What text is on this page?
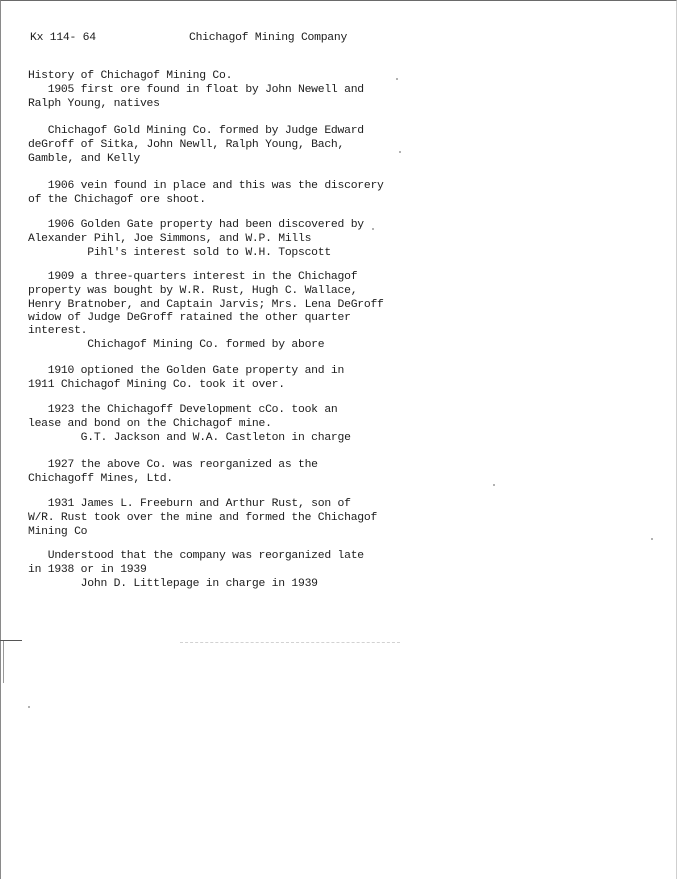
Kx 114- 64	Chichagof Mining Company
History of Chichagof Mining Co.
1905 first ore found in float by John Newell and
Ralph Young, natives
Chichagof Gold Mining Co. formed by Judge Edward
deGroff of Sitka, John Newll, Ralph Young, Bach,
Gamble, and Kelly
1906 vein found in place and this was the discorery
of the Chichagof ore shoot.
1906 Golden Gate property had been discovered by
Alexander Pihl, Joe Simmons, and W.P. Mills
Pihl's interest sold to W.H. Topscott
1909 a three-quarters interest in the Chichagof
property was bought by W.R. Rust, Hugh C. Wallace,
Henry Bratnober, and Captain Jarvis; Mrs. Lena DeGroff
widow of Judge DeGroff ratained the other quarter
interest.
Chichagof Mining Co. formed by abore
1910 optioned the Golden Gate property and in
1911 Chichagof Mining Co. took it over.
1923 the Chichagoff Development cCo. took an
lease and bond on the Chichagof mine.
G.T. Jackson and W.A. Castleton in charge
1927 the above Co. was reorganized as the
Chichagoff Mines, Ltd.
1931 James L. Freeburn and Arthur Rust, son of
W/R. Rust took over the mine and formed the Chichagof
Mining Co
Understood that the company was reorganized late
in 1938 or in 1939
John D. Littlepage in charge in 1939
